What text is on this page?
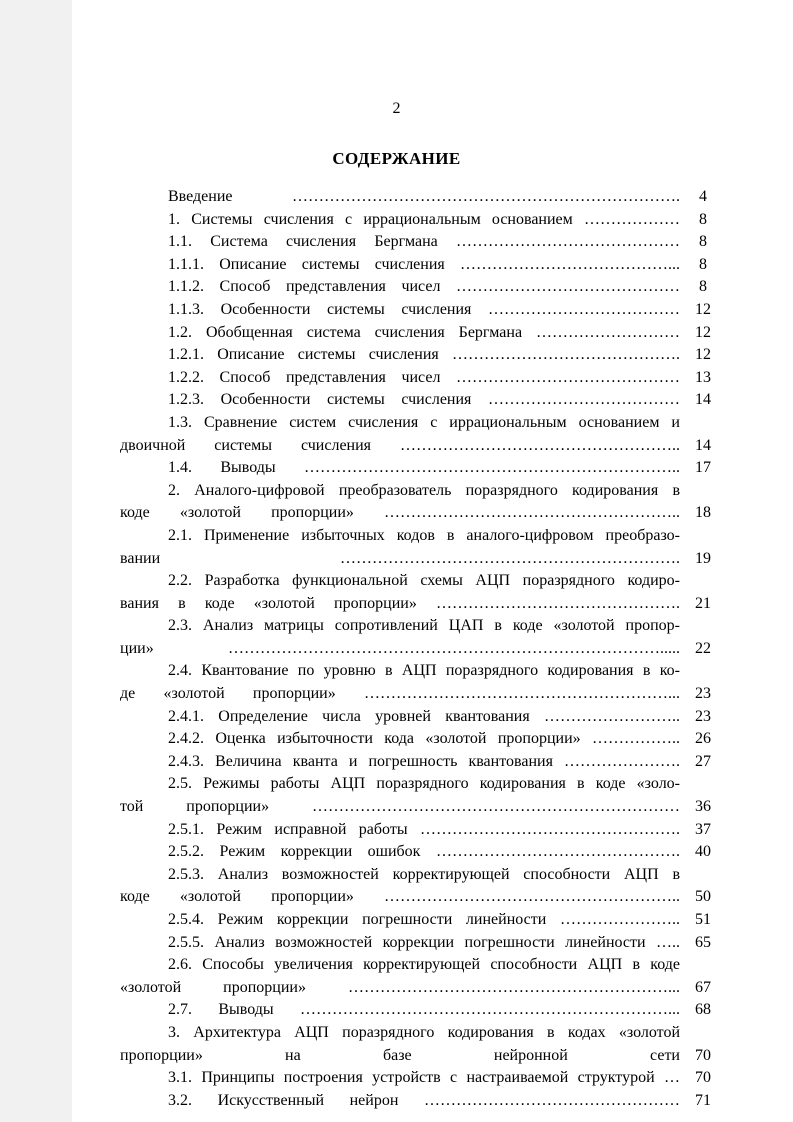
2
СОДЕРЖАНИЕ
Введение ……………………………………………………………….	4
1. Системы счисления с иррациональным основанием ………………	8
1.1. Система счисления Бергмана ……………………………………	8
1.1.1. Описание системы счисления …………………………………...	8
1.1.2. Способ представления чисел ……………………………………	8
1.1.3. Особенности системы счисления ……………………………… 12
1.2. Обобщенная система счисления Бергмана ……………………… 12
1.2.1. Описание системы счисления ……………………………………. 12
1.2.2. Способ представления чисел …………………………………… 13
1.2.3. Особенности системы счисления ……………………………… 14
1.3. Сравнение систем счисления с иррациональным основанием и
двоичной системы счисления …………………………………………….. 14
1.4. Выводы …………………………………………………………….. 17
2. Аналого-цифровой преобразователь поразрядного кодирования в
коде «золотой пропорции» ……………………………………………….. 18
2.1. Применение избыточных кодов в аналого-цифровом преобразо-
вании ………………………………………………………. 19
2.2. Разработка функциональной схемы АЦП поразрядного кодиро-
вания в коде «золотой пропорции» ………………………………………. 21
2.3. Анализ матрицы сопротивлений ЦАП в коде «золотой пропор-
ции» ………………………………………………………………………..... 22
2.4. Квантование по уровню в АЦП поразрядного кодирования в ко-
де «золотой пропорции» …………………………………………………... 23
2.4.1. Определение числа уровней квантования …………………….. 23
2.4.2. Оценка избыточности кода «золотой пропорции» …………….. 26
2.4.3. Величина кванта и погрешность квантования …………………. 27
2.5. Режимы работы АЦП поразрядного кодирования в коде «золо-
той пропорции» …………………………………………………………… 36
2.5.1. Режим исправной работы …………………………………………. 37
2.5.2. Режим коррекции ошибок ………………………………………. 40
2.5.3. Анализ возможностей корректирующей способности АЦП в
коде «золотой пропорции» ……………………………………………….. 50
2.5.4. Режим коррекции погрешности линейности ………………….. 51
2.5.5. Анализ возможностей коррекции погрешности линейности ….. 65
2.6. Способы увеличения корректирующей способности АЦП в коде
«золотой пропорции» ……………………………………………………... 67
2.7. Выводы ……………………………………………………………... 68
3. Архитектура АЦП поразрядного кодирования в кодах «золотой
пропорции» на базе нейронной сети 70
3.1. Принципы построения устройств с настраиваемой структурой … 70
3.2. Искусственный нейрон ………………………………………… 71
